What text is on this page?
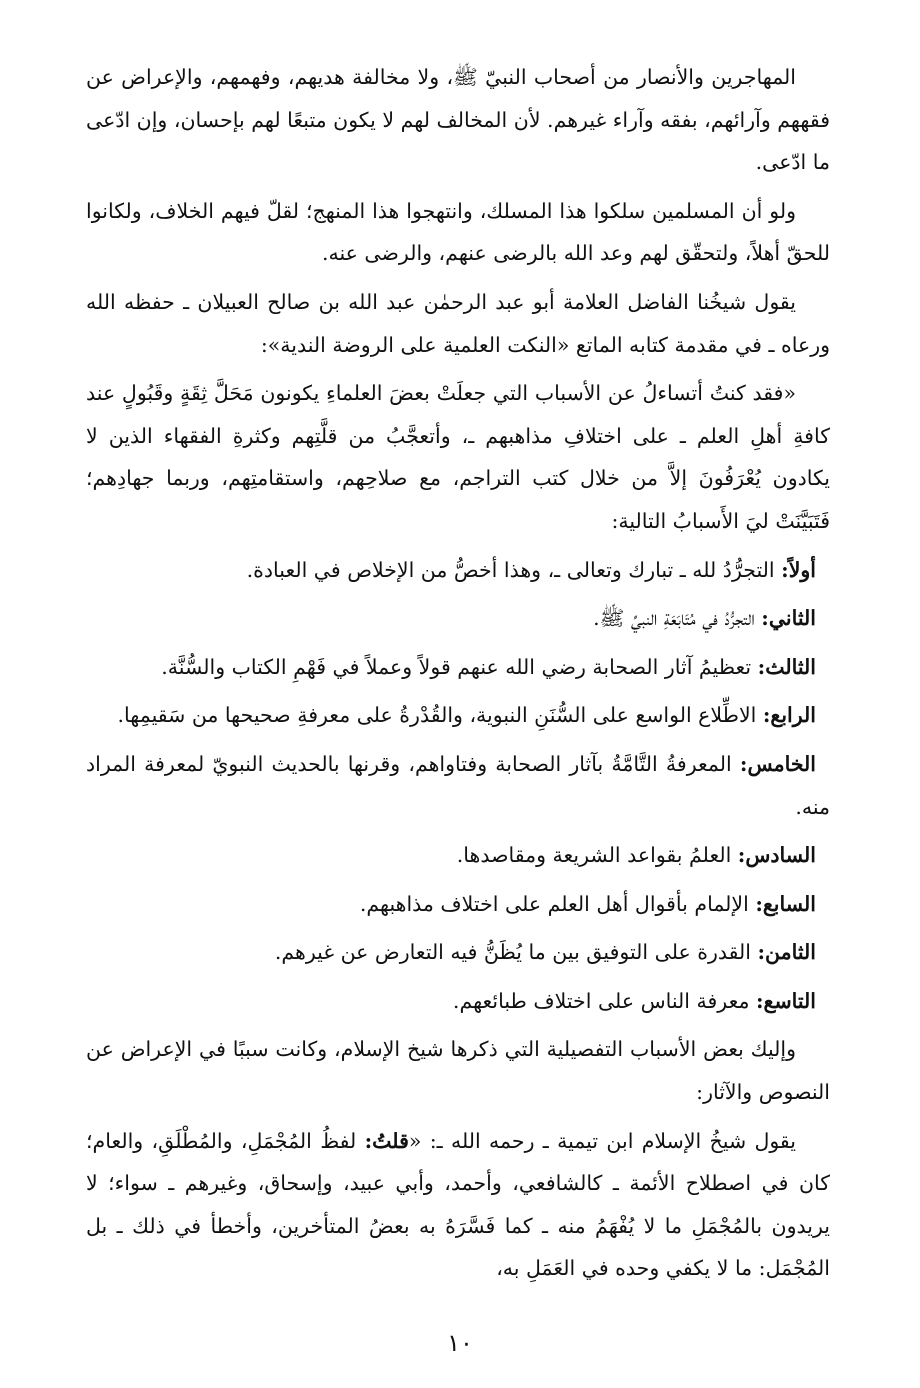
المهاجرين والأنصار من أصحاب النبيّ ﷺ، ولا مخالفة هديهم، وفهمهم، والإعراض عن فقههم وآرائهم، بفقه وآراء غيرهم. لأن المخالف لهم لا يكون متبعًا لهم بإحسان، وإن ادّعى ما ادّعى.

ولو أن المسلمين سلكوا هذا المسلك، وانتهجوا هذا المنهج؛ لقلّ فيهم الخلاف، ولكانوا للحقّ أهلاً، ولتحقّق لهم وعد الله بالرضى عنهم، والرضى عنه.

يقول شيخُنا الفاضل العلامة أبو عبد الرحمٰن عبد الله بن صالح العبيلان ـ حفظه الله ورعاه ـ في مقدمة كتابه الماتع «النكت العلمية على الروضة الندية»:

«فقد كنتُ أتساءلُ عن الأسباب التي جعلَتْ بعضَ العلماءِ يكونون مَحَلَّ ثِقَةٍ وقَبُولٍ عند كافةِ أهلِ العلم ـ على اختلافِ مذاهبهم ـ، وأتعجَّبُ من قلَّتِهم وكثرةِ الفقهاء الذين لا يكادون يُعْرَفُونَ إلاَّ من خلال كتب التراجم، مع صلاحِهم، واستقامتِهم، وربما جهادِهم؛ فَتَبَيَّنَتْ ليَ الأَسبابُ التالية:

أولاً: التجرُّدُ لله ـ تبارك وتعالى ـ، وهذا أخصُّ من الإخلاص في العبادة.

الثاني: التجرُّدُ في مُتَابَعَةِ النبيِّ ﷺ.

الثالث: تعظيمُ آثار الصحابة رضي الله عنهم قولاً وعملاً في فَهْمِ الكتاب والسُّنَّة.

الرابع: الاطِّلاع الواسع على السُّنَنِ النبوية، والقُدْرةُ على معرفةِ صحيحها من سَقيمِها.

الخامس: المعرفةُ التَّامَّةُ بآثار الصحابة وفتاواهم، وقرنها بالحديث النبويّ لمعرفة المراد منه.

السادس: العلمُ بقواعد الشريعة ومقاصدها.

السابع: الإلمام بأقوال أهل العلم على اختلاف مذاهبهم.

الثامن: القدرة على التوفيق بين ما يُظَنُّ فيه التعارض عن غيرهم.

التاسع: معرفة الناس على اختلاف طبائعهم.

وإليك بعض الأسباب التفصيلية التي ذكرها شيخ الإسلام، وكانت سببًا في الإعراض عن النصوص والآثار:

يقول شيخُ الإسلام ابن تيمية ـ رحمه الله ـ: «قلتُ: لفظُ المُجْمَلِ، والمُطْلَقِ، والعام؛ كان في اصطلاح الأئمة ـ كالشافعي، وأحمد، وأبي عبيد، وإسحاق، وغيرهم ـ سواء؛ لا يريدون بالمُجْمَلِ ما لا يُفْهَمُ منه ـ كما فَسَّرَهُ به بعضُ المتأخرين، وأخطأ في ذلك ـ بل المُجْمَل: ما لا يكفي وحده في العَمَلِ به،

١٠
